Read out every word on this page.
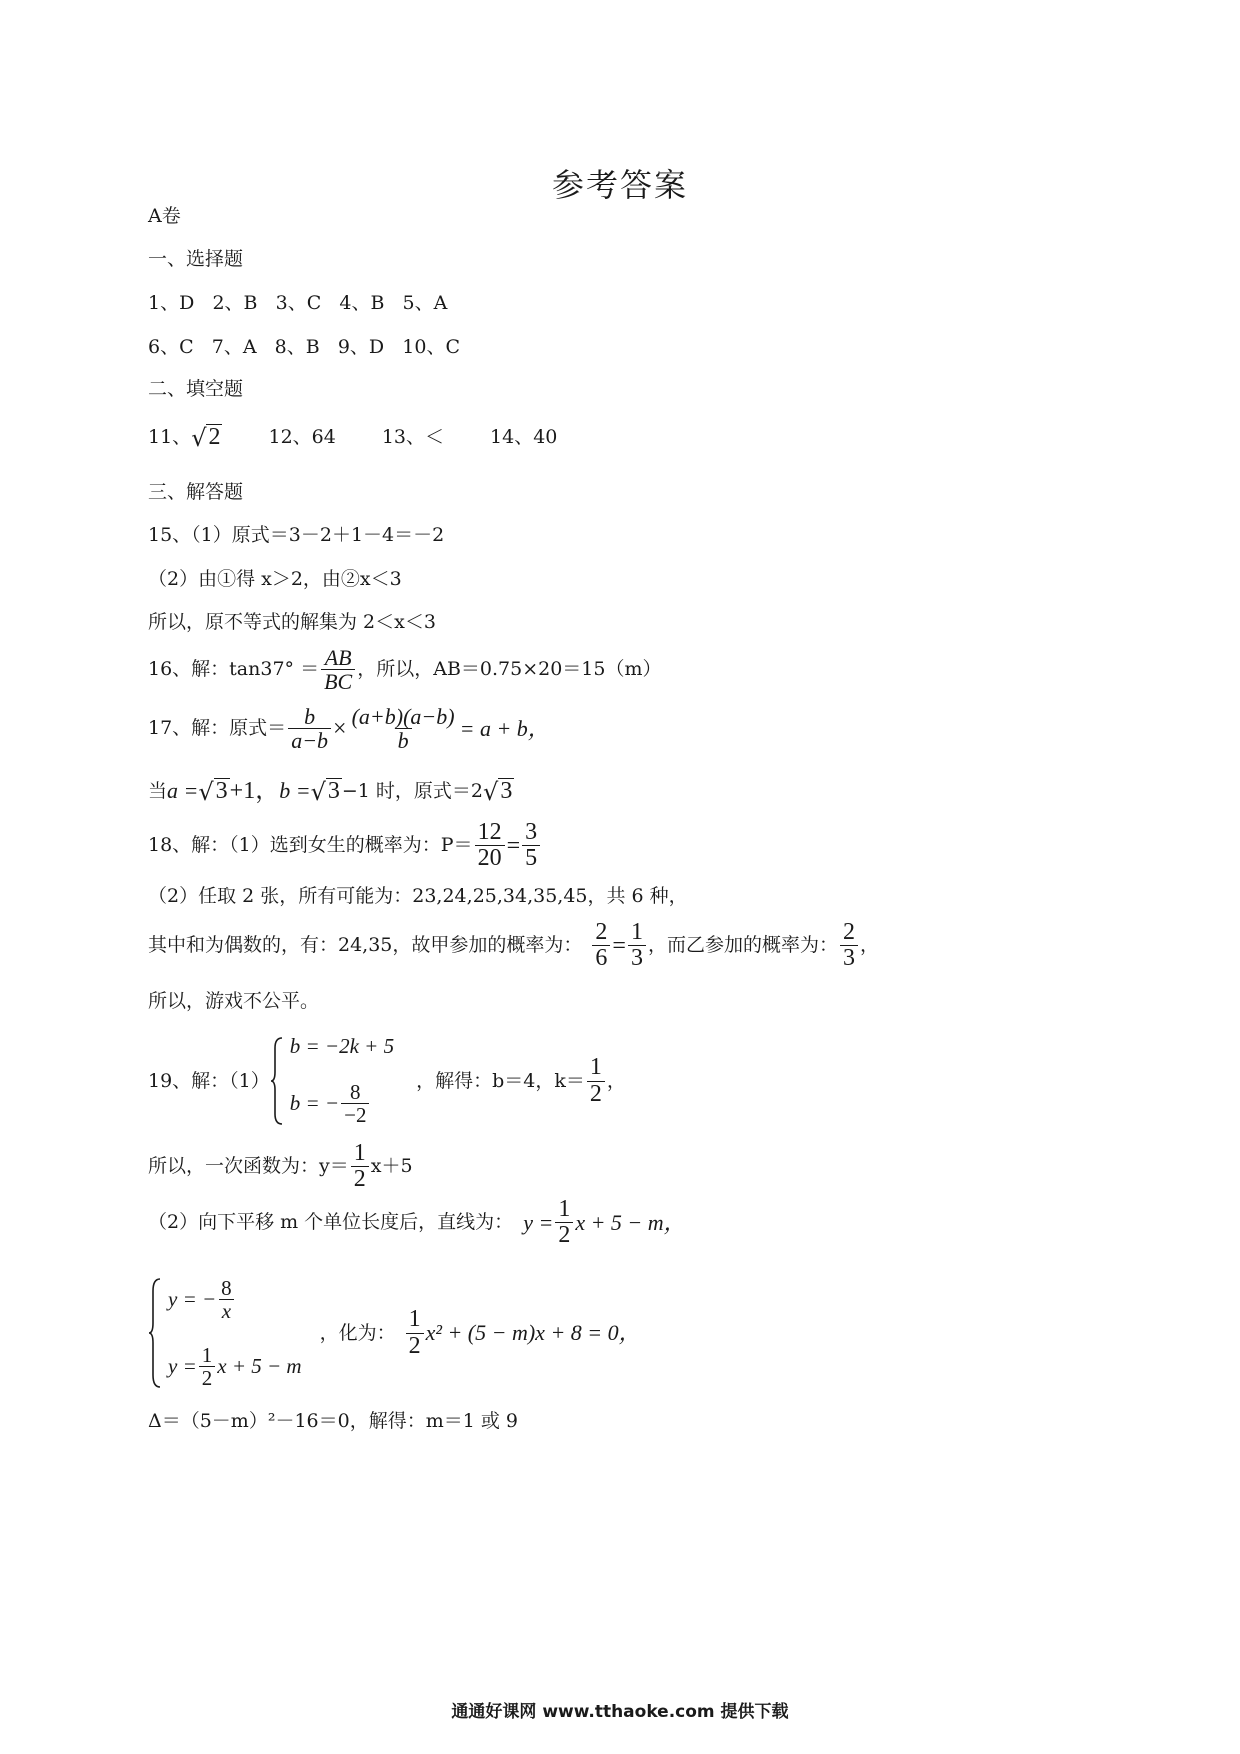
参考答案
A卷
一、选择题
1、D   2、B   3、C   4、B   5、A
6、C   7、A   8、B   9、D   10、C
二、填空题
11、 √ 2	12、64 13、＜ 14、40
三、解答题
15、（1）原式＝3－2＋1－4＝－2
（2）由①得 x＞2，由②x＜3
所以，原不等式的解集为 2＜x＜3
16、解：$\tan 37^\circ = \frac{AB}{BC}$ ，所以，AB＝0.75×20＝15（m）
17、解：原式＝ $\frac{b}{a-b} \times \frac{(a+b)(a-b)}{b} = a + b$，
当 a = √ 3 +1， b = √ 3 −1 时，原式＝2 √ 3
18、解：（1）选到女生的概率为：$P= \frac{12}{20} = \frac{3}{5}$
（2）任取 2 张，所有可能为：23,24,25,34,35,45，共 6 种，
其中和为偶数的，有：24,35，故甲参加的概率为： $\frac{2}{6} = \frac{1}{3}$ ，而乙参加的概率为： $\frac{2}{3}$ ，
所以，游戏不公平。
19、解：（1）
b = −2k + 5
b = − $\frac{8}{-2}$
，解得：b＝4，$k= \frac{1}{2}$ ，
所以，一次函数为：$y= \frac{1}{2} x+5$
（2）向下平移 m 个单位长度后，直线为： $y = \frac{1}{2}$ x + 5 − m，
y = − $\frac{8}{x}$
$y = \frac{1}{2}$ x + 5 − m
，化为： $\frac{1}{2} x^2 + (5 - m)x + 8 = 0$，
Δ＝（5－m）²－16＝0，解得：m＝1 或 9
通通好课网 www.tthaoke.com 提供下载
